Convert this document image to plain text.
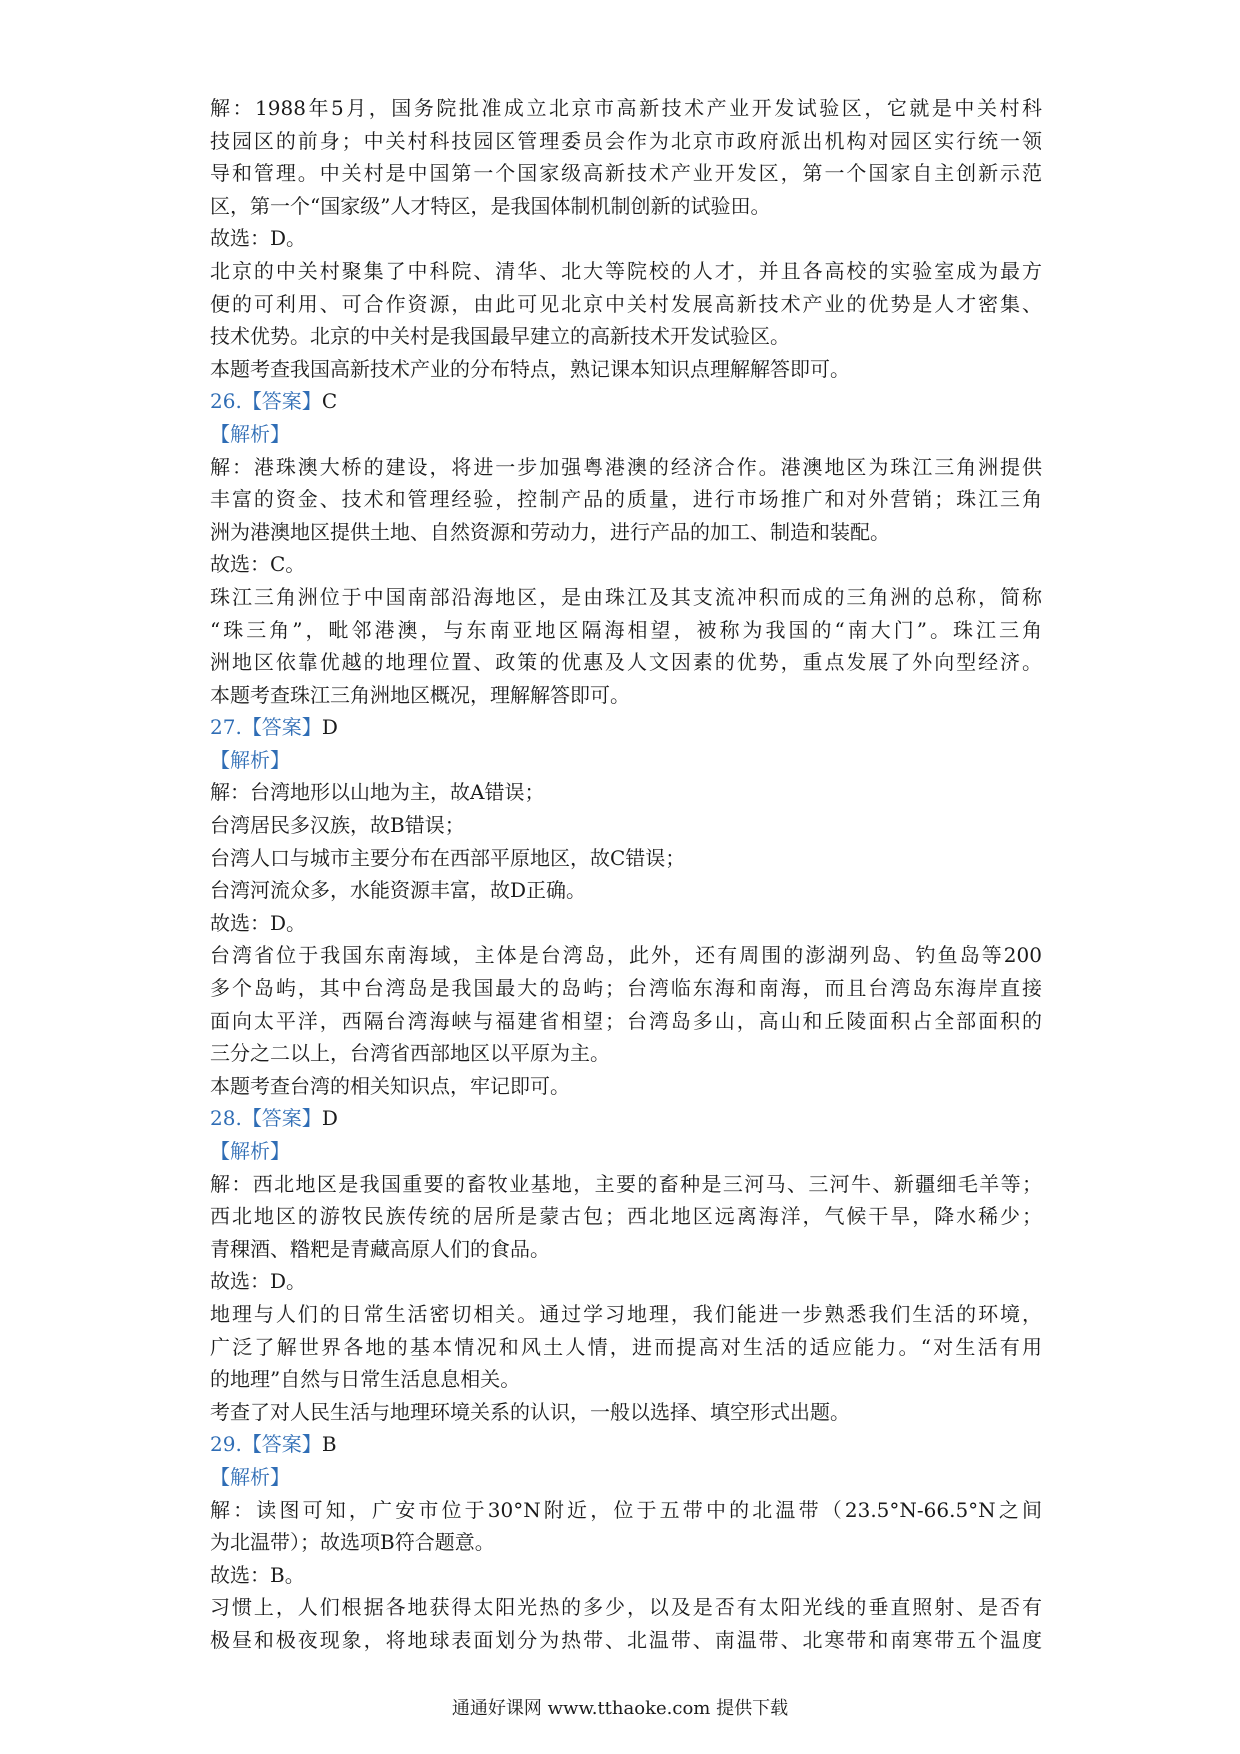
解：1988年5月，国务院批准成立北京市高新技术产业开发试验区，它就是中关村科
技园区的前身；中关村科技园区管理委员会作为北京市政府派出机构对园区实行统一领
导和管理。中关村是中国第一个国家级高新技术产业开发区，第一个国家自主创新示范
区，第一个“国家级”人才特区，是我国体制机制创新的试验田。
故选：D。
北京的中关村聚集了中科院、清华、北大等院校的人才，并且各高校的实验室成为最方
便的可利用、可合作资源，由此可见北京中关村发展高新技术产业的优势是人才密集、
技术优势。北京的中关村是我国最早建立的高新技术开发试验区。
本题考查我国高新技术产业的分布特点，熟记课本知识点理解解答即可。
26.【答案】C
【解析】
解：港珠澳大桥的建设，将进一步加强粤港澳的经济合作。港澳地区为珠江三角洲提供
丰富的资金、技术和管理经验，控制产品的质量，进行市场推广和对外营销；珠江三角
洲为港澳地区提供土地、自然资源和劳动力，进行产品的加工、制造和装配。
故选：C。
珠江三角洲位于中国南部沿海地区，是由珠江及其支流冲积而成的三角洲的总称，简称
“珠三角”，毗邻港澳，与东南亚地区隔海相望，被称为我国的“南大门”。珠江三角
洲地区依靠优越的地理位置、政策的优惠及人文因素的优势，重点发展了外向型经济。
本题考查珠江三角洲地区概况，理解解答即可。
27.【答案】D
【解析】
解：台湾地形以山地为主，故A错误；
台湾居民多汉族，故B错误；
台湾人口与城市主要分布在西部平原地区，故C错误；
台湾河流众多，水能资源丰富，故D正确。
故选：D。
台湾省位于我国东南海域，主体是台湾岛，此外，还有周围的澎湖列岛、钓鱼岛等200
多个岛屿，其中台湾岛是我国最大的岛屿；台湾临东海和南海，而且台湾岛东海岸直接
面向太平洋，西隔台湾海峡与福建省相望；台湾岛多山，高山和丘陵面积占全部面积的
三分之二以上，台湾省西部地区以平原为主。
本题考查台湾的相关知识点，牢记即可。
28.【答案】D
【解析】
解：西北地区是我国重要的畜牧业基地，主要的畜种是三河马、三河牛、新疆细毛羊等；
西北地区的游牧民族传统的居所是蒙古包；西北地区远离海洋，气候干旱，降水稀少；
青稞酒、糌粑是青藏高原人们的食品。
故选：D。
地理与人们的日常生活密切相关。通过学习地理，我们能进一步熟悉我们生活的环境，
广泛了解世界各地的基本情况和风土人情，进而提高对生活的适应能力。“对生活有用
的地理”自然与日常生活息息相关。
考查了对人民生活与地理环境关系的认识，一般以选择、填空形式出题。
29.【答案】B
【解析】
解：读图可知，广安市位于30°N附近，位于五带中的北温带（23.5°N-66.5°N之间
为北温带）；故选项B符合题意。
故选：B。
习惯上，人们根据各地获得太阳光热的多少，以及是否有太阳光线的垂直照射、是否有
极昼和极夜现象，将地球表面划分为热带、北温带、南温带、北寒带和南寒带五个温度
通通好课网 www.tthaoke.com 提供下载
